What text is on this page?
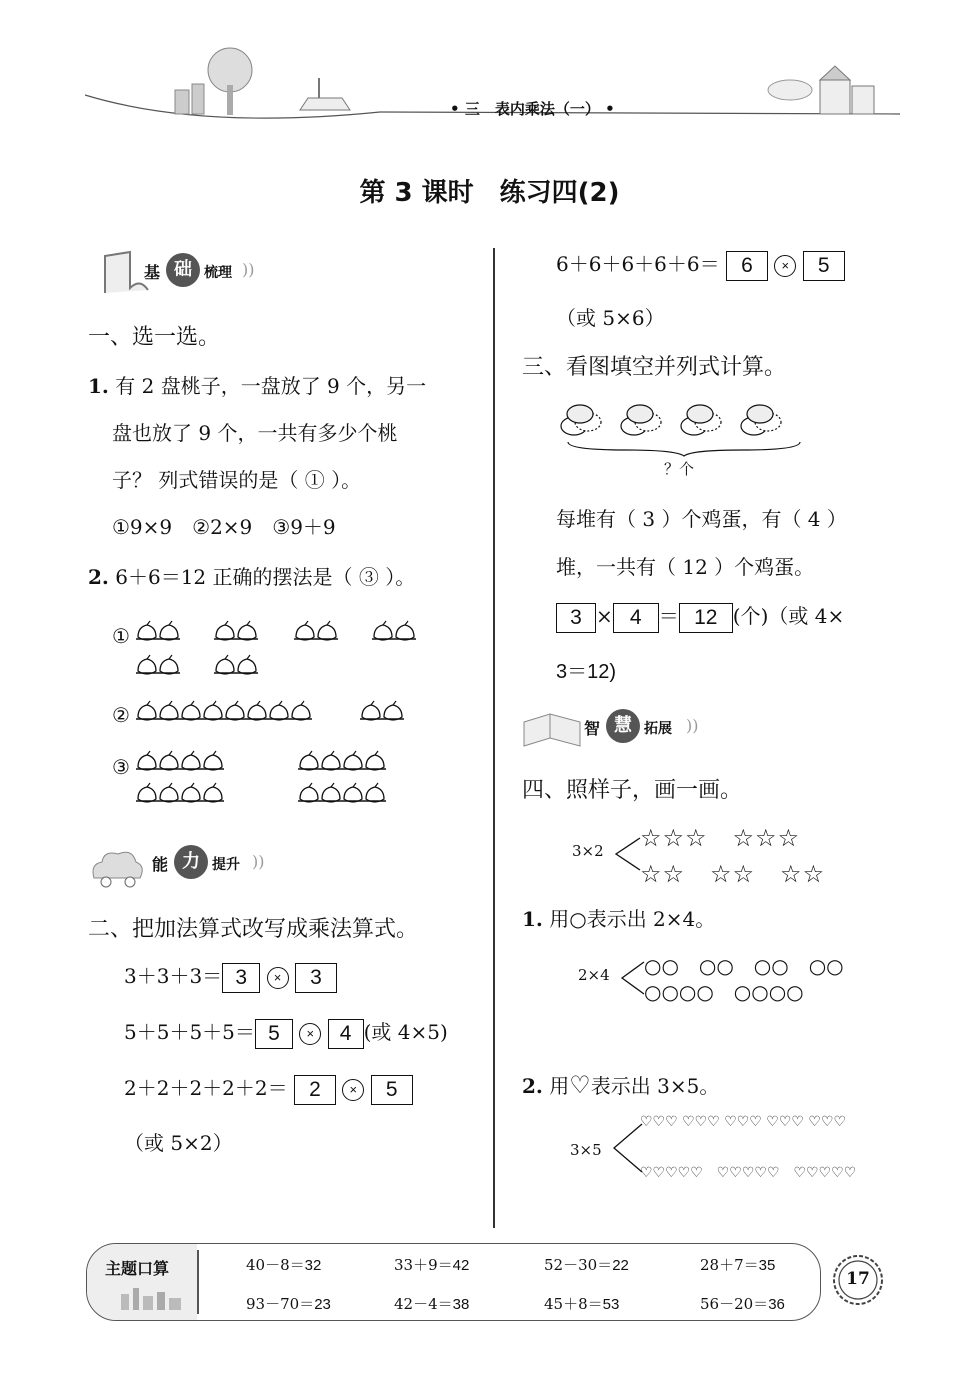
• 三　表内乘法（一） •
第 3 课时　练习四(2)
基 础 梳理 ))
一、选一选。
1. 有 2 盘桃子，一盘放了 9 个，另一
盘也放了 9 个，一共有多少个桃
子？ 列式错误的是（ ① ）。
①9×9　②2×9　③9＋9
2. 6＋6＝12 正确的摆法是（ ③ ）。
①
②
③
能 力 提升 ))
二、把加法算式改写成乘法算式。
3＋3＋3＝ 3 × 3
5＋5＋5＋5＝ 5 × 4 (或 4×5)
2＋2＋2＋2＋2＝ 2 × 5
（或 5×2）
6＋6＋6＋6＋6＝ 6 × 5
（或 5×6）
三、看图填空并列式计算。
？个
每堆有（ 3 ）个鸡蛋，有（ 4 ）
堆，一共有（ 12 ）个鸡蛋。
3 × 4 ＝ 12 (个)（或 4×
3＝12)
智 慧 拓展 ))
四、照样子，画一画。
3×2 ☆☆☆　☆☆☆
☆☆　☆☆　☆☆
1. 用○表示出 2×4。
2×4 ○○　○○　○○　○○
○○○○　○○○○
2. 用♡表示出 3×5。
3×5
♡♡♡ ♡♡♡ ♡♡♡ ♡♡♡ ♡♡♡
♡♡♡♡♡　♡♡♡♡♡　♡♡♡♡♡
主题口算	40－8＝32	33＋9＝42	52－30＝22	28＋7＝35
93－70＝23	42－4＝38	45＋8＝53	56－20＝36
17
